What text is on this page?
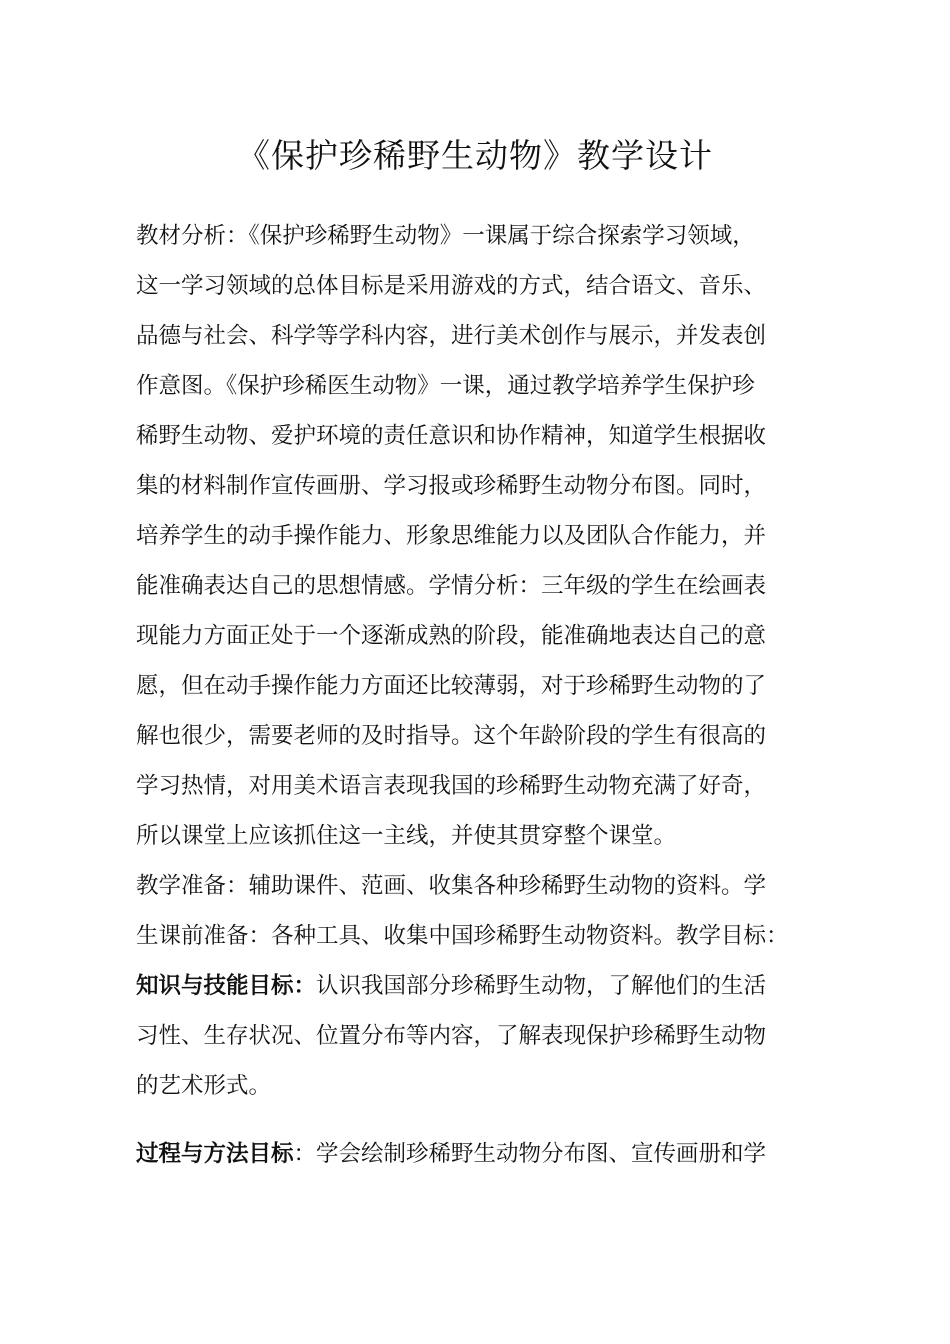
《保护珍稀野生动物》教学设计
教材分析：《保护珍稀野生动物》一课属于综合探索学习领域，
这一学习领域的总体目标是采用游戏的方式，结合语文、音乐、
品德与社会、科学等学科内容，进行美术创作与展示，并发表创
作意图。《保护珍稀医生动物》一课，通过教学培养学生保护珍
稀野生动物、爱护环境的责任意识和协作精神，知道学生根据收
集的材料制作宣传画册、学习报或珍稀野生动物分布图。同时，
培养学生的动手操作能力、形象思维能力以及团队合作能力，并
能准确表达自己的思想情感。学情分析：三年级的学生在绘画表
现能力方面正处于一个逐渐成熟的阶段，能准确地表达自己的意
愿，但在动手操作能力方面还比较薄弱，对于珍稀野生动物的了
解也很少，需要老师的及时指导。这个年龄阶段的学生有很高的
学习热情，对用美术语言表现我国的珍稀野生动物充满了好奇，
所以课堂上应该抓住这一主线，并使其贯穿整个课堂。
教学准备：辅助课件、范画、收集各种珍稀野生动物的资料。学
生课前准备：各种工具、收集中国珍稀野生动物资料。教学目标：
知识与技能目标：认识我国部分珍稀野生动物，了解他们的生活
习性、生存状况、位置分布等内容，了解表现保护珍稀野生动物
的艺术形式。
过程与方法目标：学会绘制珍稀野生动物分布图、宣传画册和学
